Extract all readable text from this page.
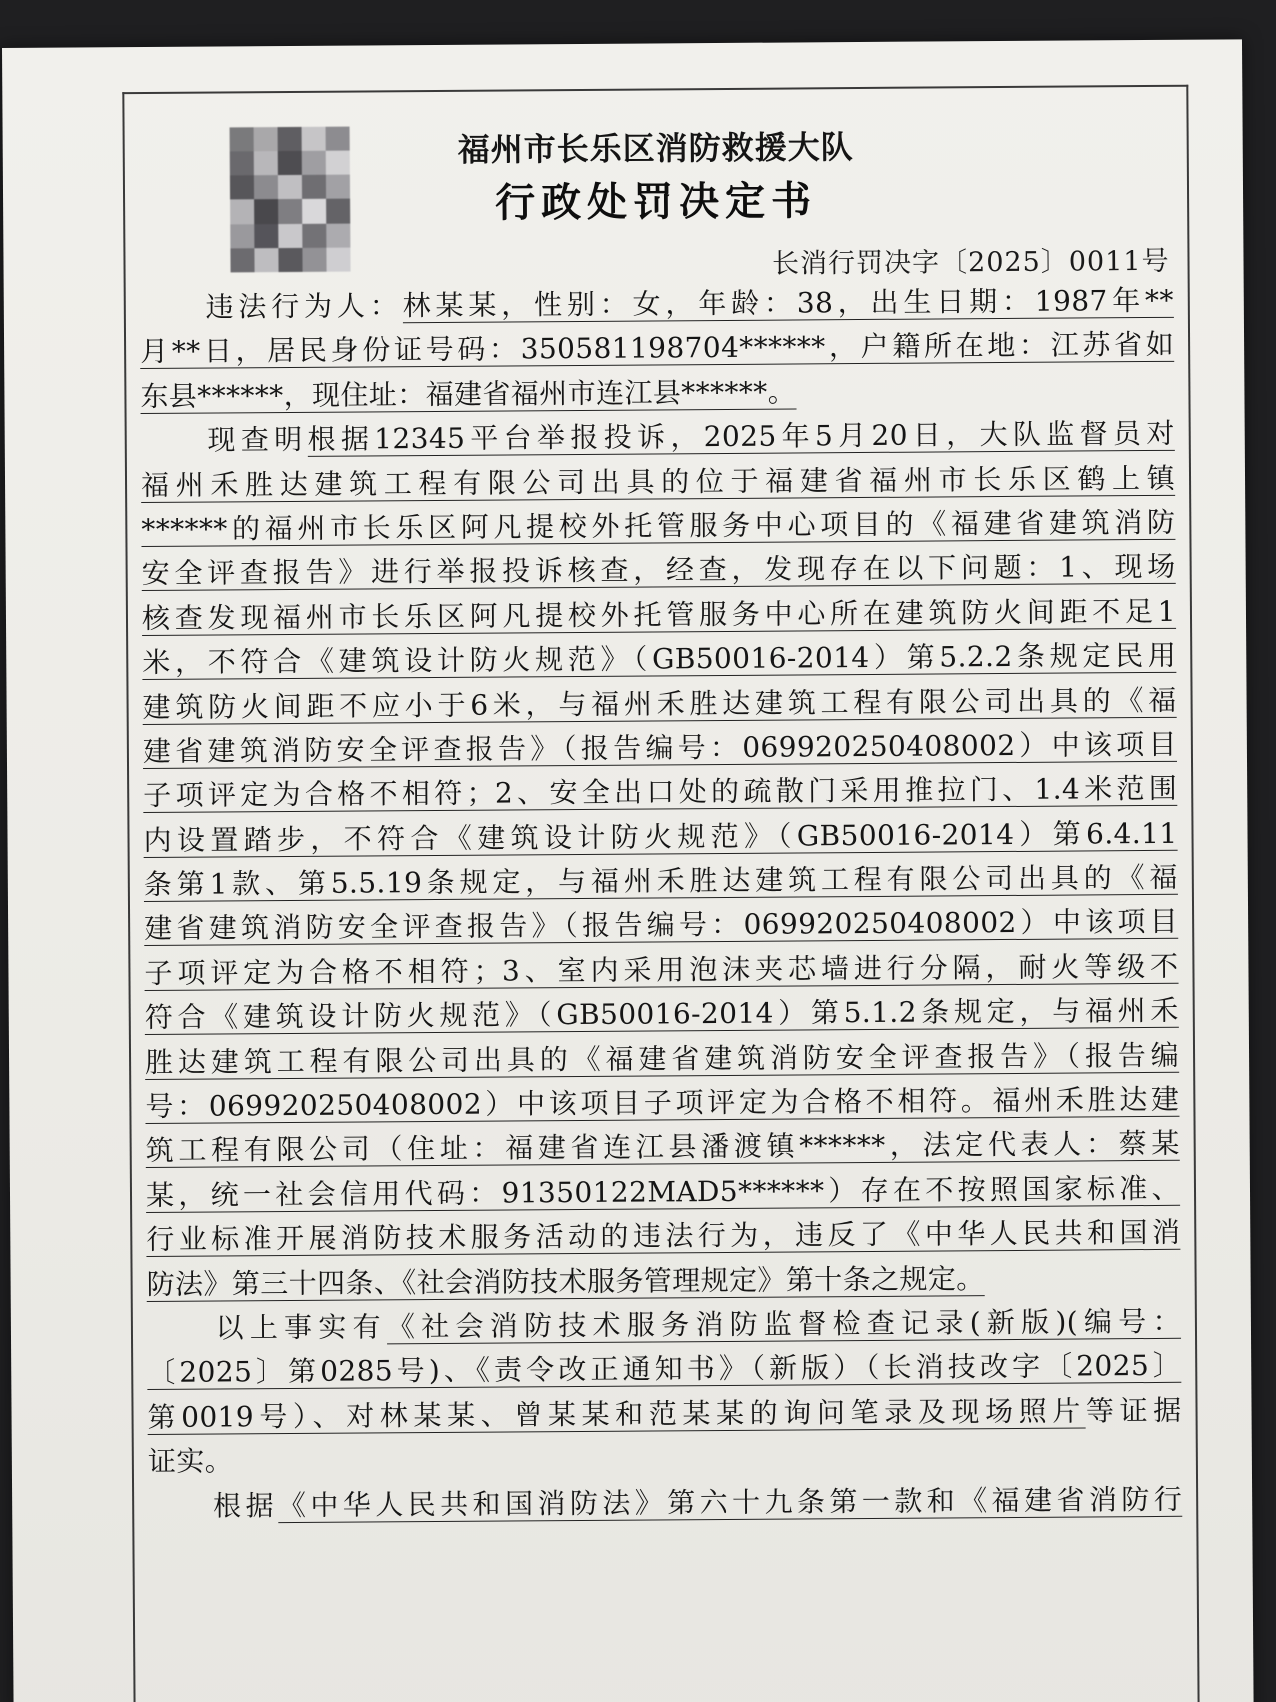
福州市长乐区消防救援大队
行政处罚决定书
长消行罚决字〔2025〕0011号
　　违法行为人：林某某，性别：女，年龄：38，出生日期：1987年**
月**日，居民身份证号码：350581198704******，户籍所在地：江苏省如
东县******，现住址：福建省福州市连江县******。
　　现查明根据12345平台举报投诉，2025年5月20日，大队监督员对
福州禾胜达建筑工程有限公司出具的位于福建省福州市长乐区鹤上镇
******的福州市长乐区阿凡提校外托管服务中心项目的《福建省建筑消防
安全评查报告》进行举报投诉核查，经查，发现存在以下问题：1、现场
核查发现福州市长乐区阿凡提校外托管服务中心所在建筑防火间距不足1
米，不符合《建筑设计防火规范》（GB50016-2014）第5.2.2条规定民用
建筑防火间距不应小于6米，与福州禾胜达建筑工程有限公司出具的《福
建省建筑消防安全评查报告》（报告编号：069920250408002）中该项目
子项评定为合格不相符；2、安全出口处的疏散门采用推拉门、1.4米范围
内设置踏步，不符合《建筑设计防火规范》（GB50016-2014）第6.4.11
条第1款、第5.5.19条规定，与福州禾胜达建筑工程有限公司出具的《福
建省建筑消防安全评查报告》（报告编号：069920250408002）中该项目
子项评定为合格不相符；3、室内采用泡沫夹芯墙进行分隔，耐火等级不
符合《建筑设计防火规范》（GB50016-2014）第5.1.2条规定，与福州禾
胜达建筑工程有限公司出具的《福建省建筑消防安全评查报告》（报告编
号：069920250408002）中该项目子项评定为合格不相符。福州禾胜达建
筑工程有限公司（住址：福建省连江县潘渡镇******，法定代表人：蔡某
某，统一社会信用代码：91350122MAD5******）存在不按照国家标准、
行业标准开展消防技术服务活动的违法行为，违反了《中华人民共和国消
防法》第三十四条、《社会消防技术服务管理规定》第十条之规定。
　　以上事实有《社会消防技术服务消防监督检查记录(新版)(编号：
〔2025〕第0285号)、《责令改正通知书》（新版）（长消技改字〔2025〕
第0019号）、对林某某、曾某某和范某某的询问笔录及现场照片等证据
证实。
　　根据《中华人民共和国消防法》第六十九条第一款和《福建省消防行
